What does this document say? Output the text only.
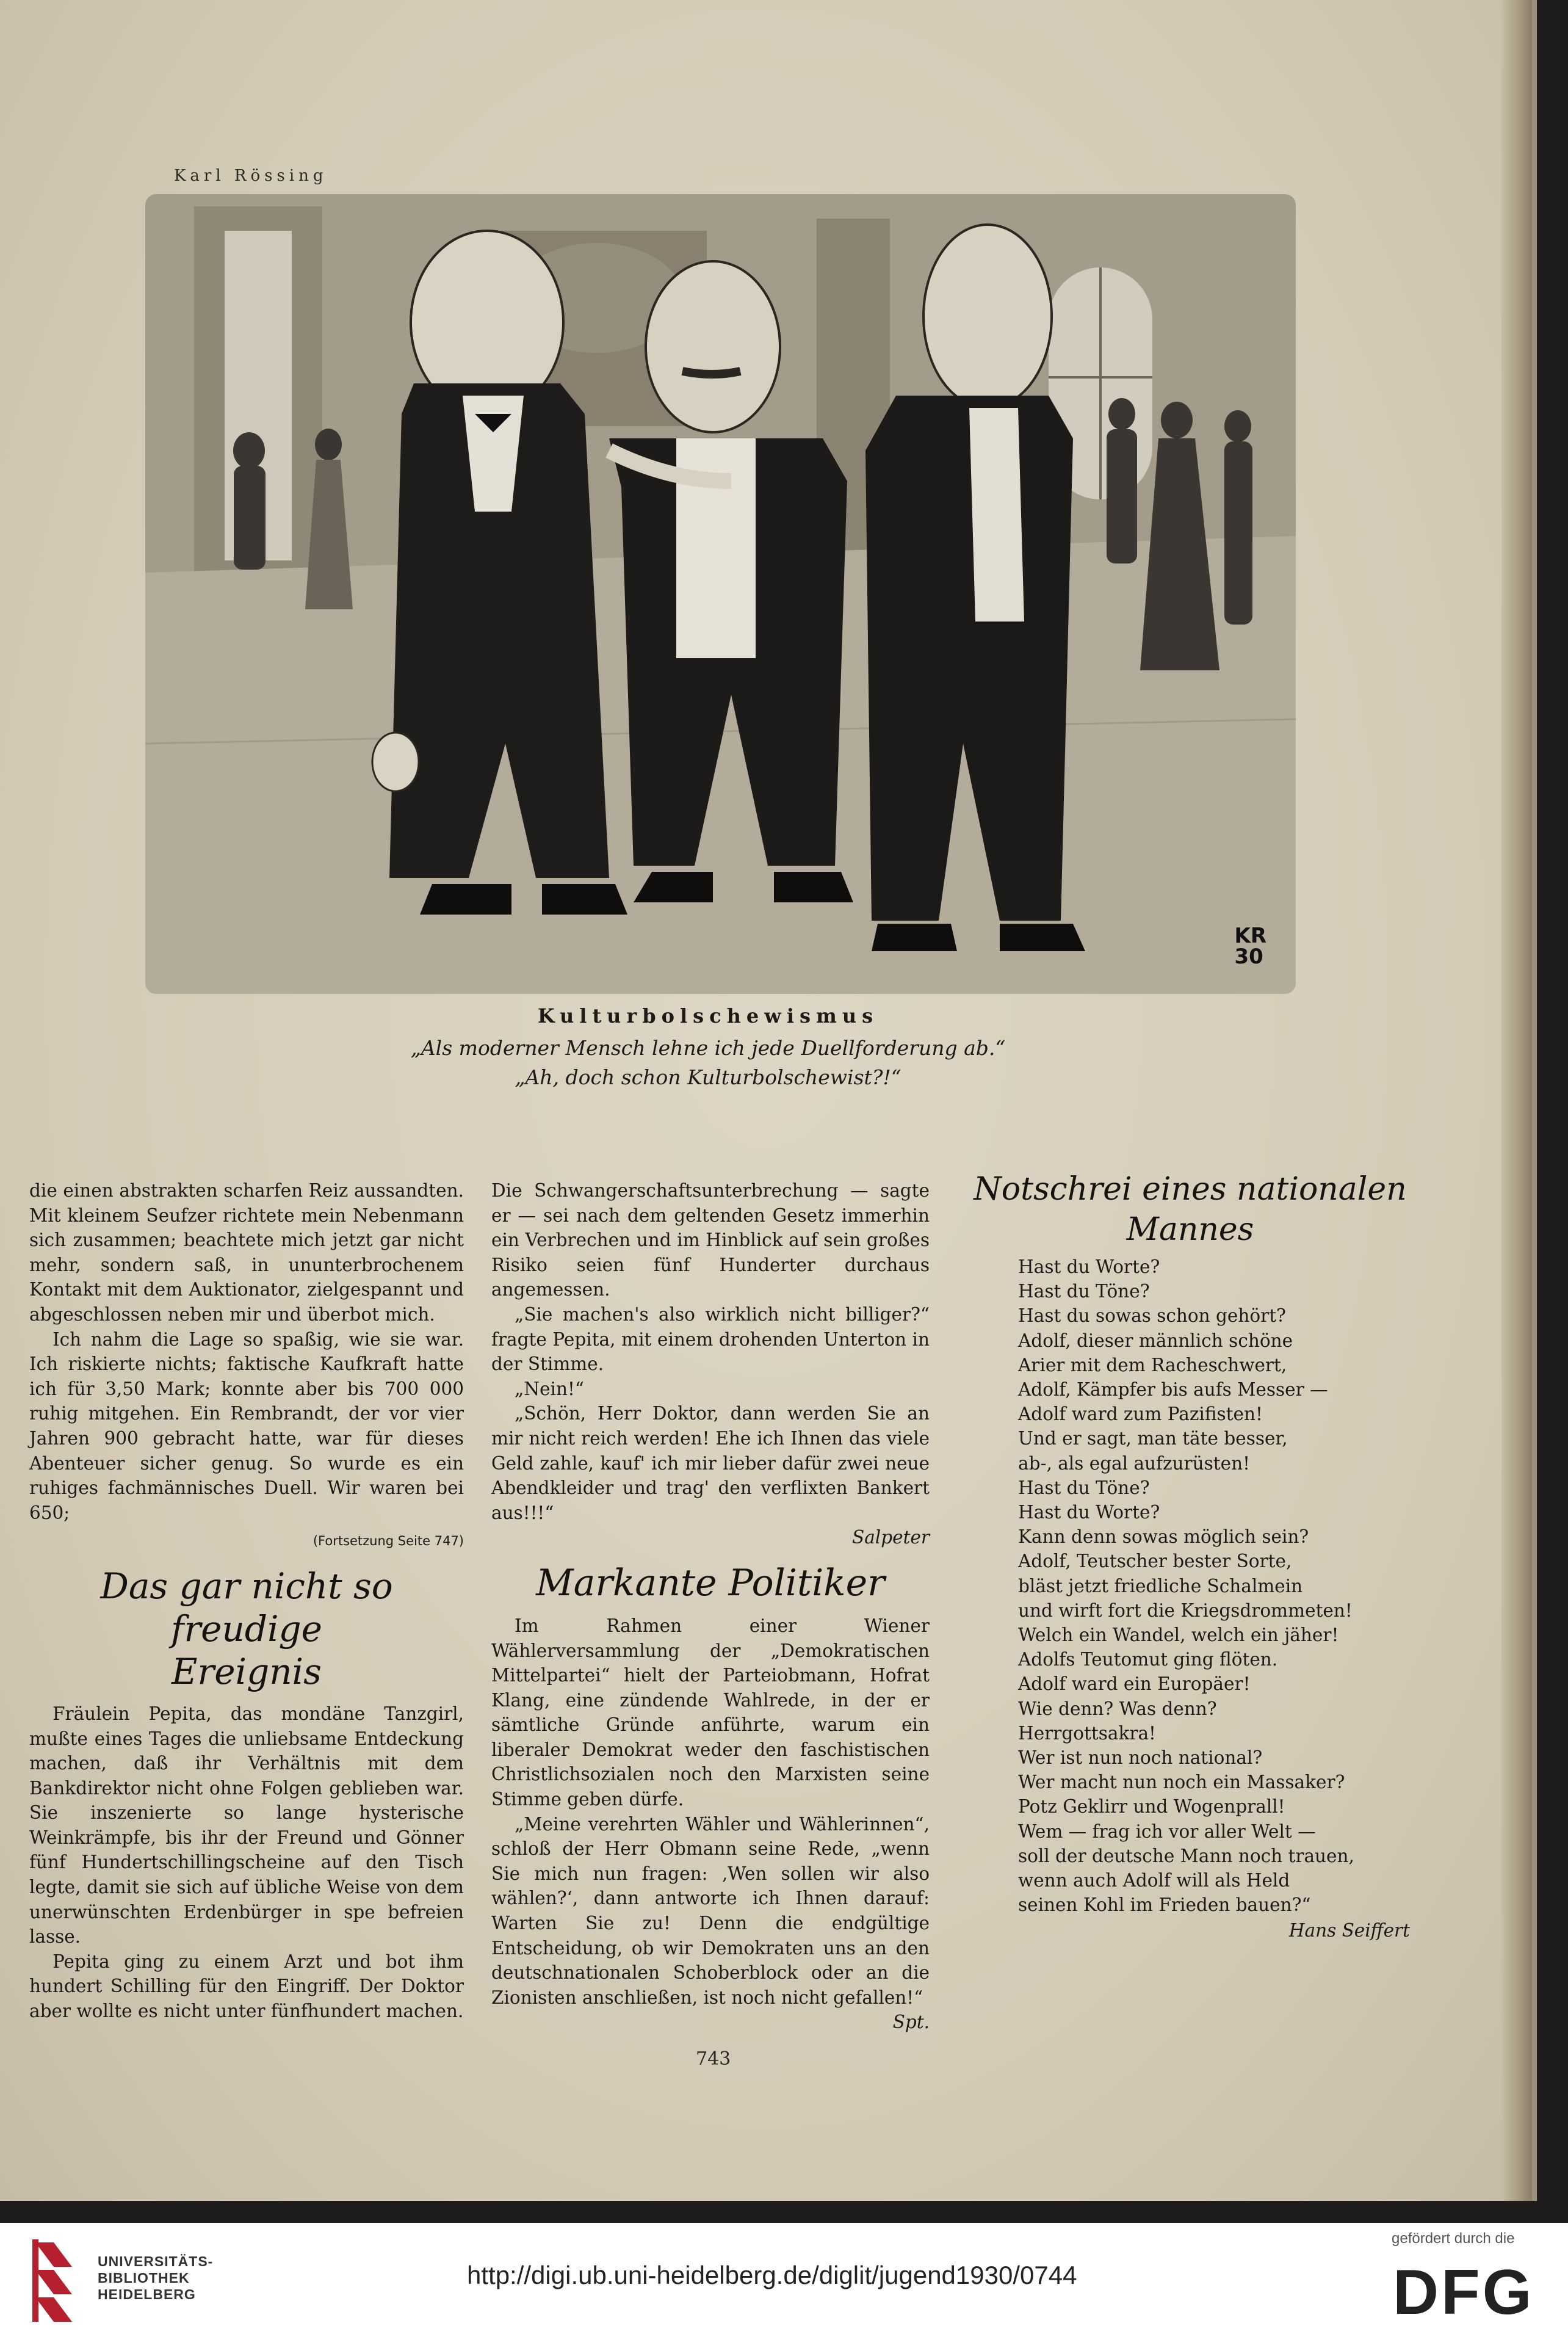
Karl Rössing
KR
30
Kulturbolschewismus
„Als moderner Mensch lehne ich jede Duellforderung ab.“
„Ah, doch schon Kulturbolschewist?!“

die einen abstrakten scharfen Reiz aussandten. Mit kleinem Seufzer richtete mein Nebenmann sich zusammen; beachtete mich jetzt gar nicht mehr, sondern saß, in ununterbrochenem Kontakt mit dem Auktionator, zielgespannt und abgeschlossen neben mir und überbot mich.

Ich nahm die Lage so spaßig, wie sie war. Ich riskierte nichts; faktische Kaufkraft hatte ich für 3,50 Mark; konnte aber bis 700 000 ruhig mitgehen. Ein Rembrandt, der vor vier Jahren 900 gebracht hatte, war für dieses Abenteuer sicher genug. So wurde es ein ruhiges fachmännisches Duell. Wir waren bei 650;

(Fortsetzung Seite 747)
Das gar nicht so freudige
Ereignis

Fräulein Pepita, das mondäne Tanzgirl, mußte eines Tages die unliebsame Entdeckung machen, daß ihr Verhältnis mit dem Bankdirektor nicht ohne Folgen geblieben war. Sie inszenierte so lange hysterische Weinkrämpfe, bis ihr der Freund und Gönner fünf Hundertschillingscheine auf den Tisch legte, damit sie sich auf übliche Weise von dem unerwünschten Erdenbürger in spe befreien lasse.

Pepita ging zu einem Arzt und bot ihm hundert Schilling für den Eingriff. Der Doktor aber wollte es nicht unter fünfhundert machen.

Die Schwangerschaftsunterbrechung — sagte er — sei nach dem geltenden Gesetz immerhin ein Verbrechen und im Hinblick auf sein großes Risiko seien fünf Hunderter durchaus angemessen.

„Sie machen's also wirklich nicht billiger?“ fragte Pepita, mit einem drohenden Unterton in der Stimme.

„Nein!“

„Schön, Herr Doktor, dann werden Sie an mir nicht reich werden! Ehe ich Ihnen das viele Geld zahle, kauf' ich mir lieber dafür zwei neue Abendkleider und trag' den verflixten Bankert aus!!!“

Salpeter
Markante Politiker

Im Rahmen einer Wiener Wählerversammlung der „Demokratischen Mittelpartei“ hielt der Parteiobmann, Hofrat Klang, eine zündende Wahlrede, in der er sämtliche Gründe anführte, warum ein liberaler Demokrat weder den faschistischen Christlichsozialen noch den Marxisten seine Stimme geben dürfe.

„Meine verehrten Wähler und Wählerinnen“, schloß der Herr Obmann seine Rede, „wenn Sie mich nun fragen: ‚Wen sollen wir also wählen?‘, dann antworte ich Ihnen darauf: Warten Sie zu! Denn die endgültige Entscheidung, ob wir Demokraten uns an den deutschnationalen Schoberblock oder an die Zionisten anschließen, ist noch nicht gefallen!“

Spt.
Notschrei eines nationalen
Mannes
Hast du Worte?
Hast du Töne?
Hast du sowas schon gehört?
Adolf, dieser männlich schöne
Arier mit dem Racheschwert,
Adolf, Kämpfer bis aufs Messer —
Adolf ward zum Pazifisten!
Und er sagt, man täte besser,
ab-, als egal aufzurüsten!
Hast du Töne?
Hast du Worte?
Kann denn sowas möglich sein?
Adolf, Teutscher bester Sorte,
bläst jetzt friedliche Schalmein
und wirft fort die Kriegsdrommeten!
Welch ein Wandel, welch ein jäher!
Adolfs Teutomut ging flöten.
Adolf ward ein Europäer!
Wie denn? Was denn?
Herrgottsakra!
Wer ist nun noch national?
Wer macht nun noch ein Massaker?
Potz Geklirr und Wogenprall!
Wem — frag ich vor aller Welt —
soll der deutsche Mann noch trauen,
wenn auch Adolf will als Held
seinen Kohl im Frieden bauen?“
Hans Seiffert
743
UNIVERSITÄTS-
BIBLIOTHEK
HEIDELBERG
http://digi.ub.uni-heidelberg.de/diglit/jugend1930/0744
gefördert durch die
DFG
